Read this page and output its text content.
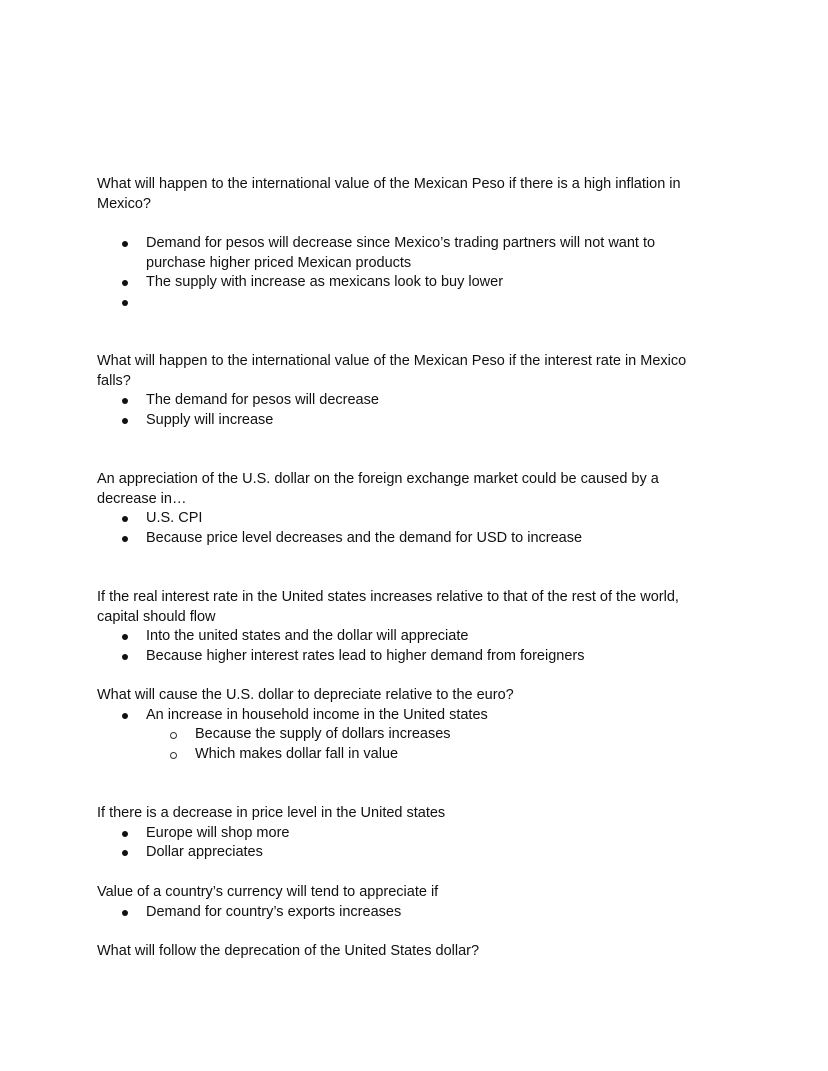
What will happen to the international value of the Mexican Peso if there is a high inflation in Mexico?

Demand for pesos will decrease since Mexico’s trading partners will not want to purchase higher priced Mexican products
The supply with increase as mexicans look to buy lower

What will happen to the international value of the Mexican Peso if the interest rate in Mexico falls?

The demand for pesos will decrease
Supply will increase

An appreciation of the U.S. dollar on the foreign exchange market could be caused by a decrease in…

U.S. CPI
Because price level decreases and the demand for USD to increase

If the real interest rate in the United states increases relative to that of the rest of the world, capital should flow

Into the united states and the dollar will appreciate
Because higher interest rates lead to higher demand from foreigners

What will cause the U.S. dollar to depreciate relative to the euro?

An increase in household income in the United states
Because the supply of dollars increases
Which makes dollar fall in value

If there is a decrease in price level in the United states

Europe will shop more
Dollar appreciates

Value of a country’s currency will tend to appreciate if

Demand for country’s exports increases

What will follow the deprecation of the United States dollar?
